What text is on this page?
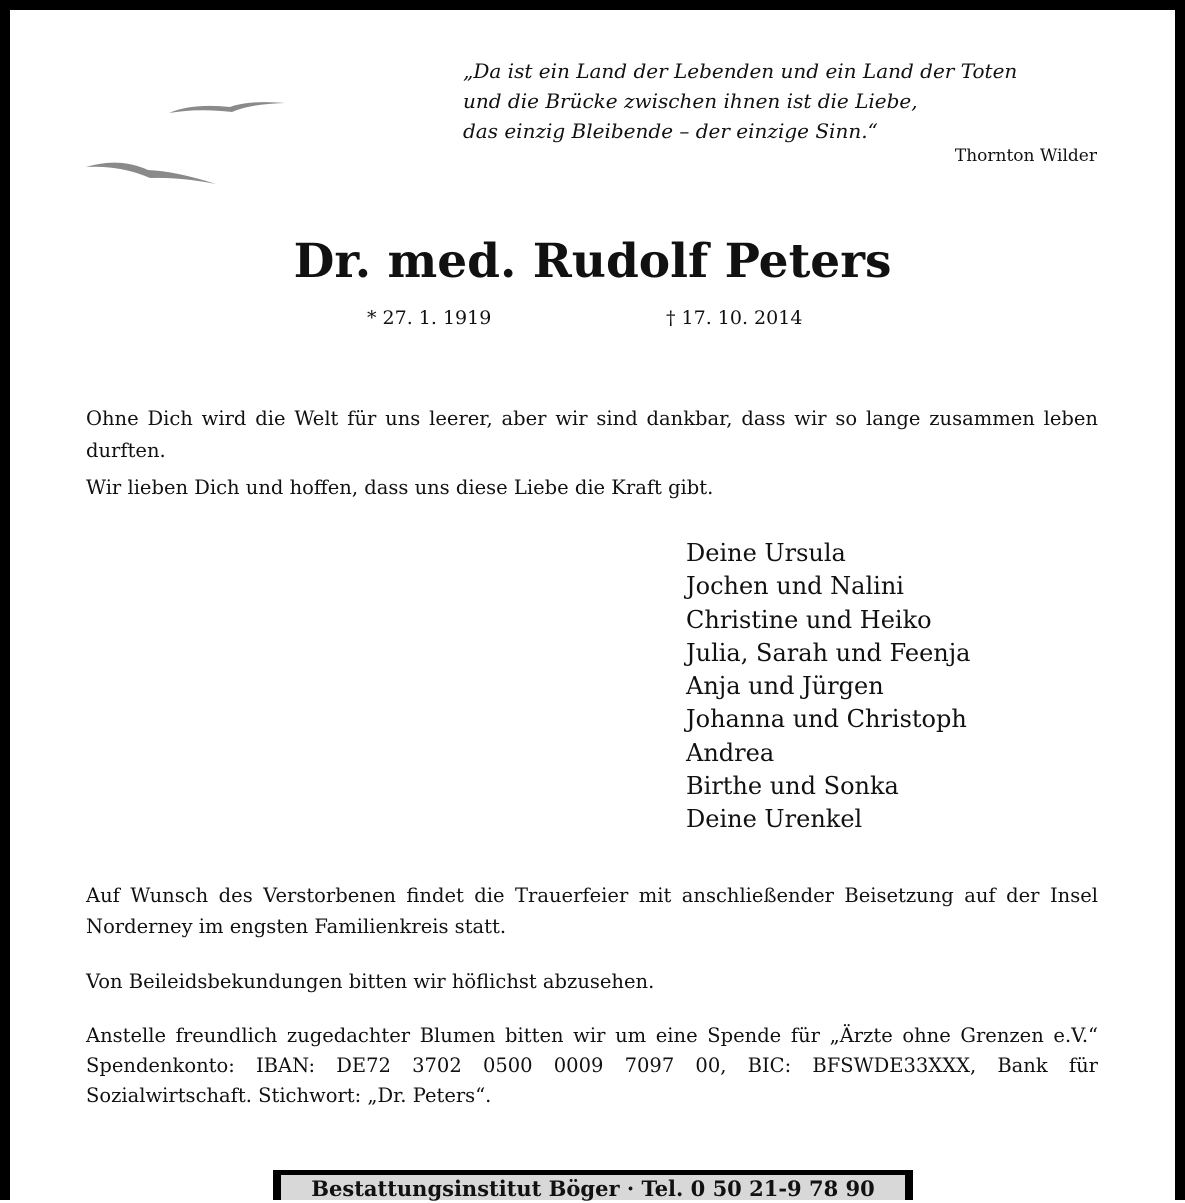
„Da ist ein Land der Lebenden und ein Land der Toten
und die Brücke zwischen ihnen ist die Liebe,
das einzig Bleibende – der einzige Sinn.“
Thornton Wilder
Dr. med. Rudolf Peters
* 27. 1. 1919	† 17. 10. 2014
Ohne Dich wird die Welt für uns leerer, aber wir sind dankbar, dass wir so lange zusammen leben durften.
Wir lieben Dich und hoffen, dass uns diese Liebe die Kraft gibt.
Deine Ursula
Jochen und Nalini
Christine und Heiko
Julia, Sarah und Feenja
Anja und Jürgen
Johanna und Christoph
Andrea
Birthe und Sonka
Deine Urenkel
Auf Wunsch des Verstorbenen findet die Trauerfeier mit anschließender Beisetzung auf der Insel Norderney im engsten Familienkreis statt.
Von Beileidsbekundungen bitten wir höflichst abzusehen.
Anstelle freundlich zugedachter Blumen bitten wir um eine Spende für „Ärzte ohne Grenzen e.V.“ Spendenkonto: IBAN: DE72 3702 0500 0009 7097 00, BIC: BFSWDE33XXX, Bank für Sozialwirtschaft. Stichwort: „Dr. Peters“.
Bestattungsinstitut Böger · Tel. 0 50 21-9 78 90
